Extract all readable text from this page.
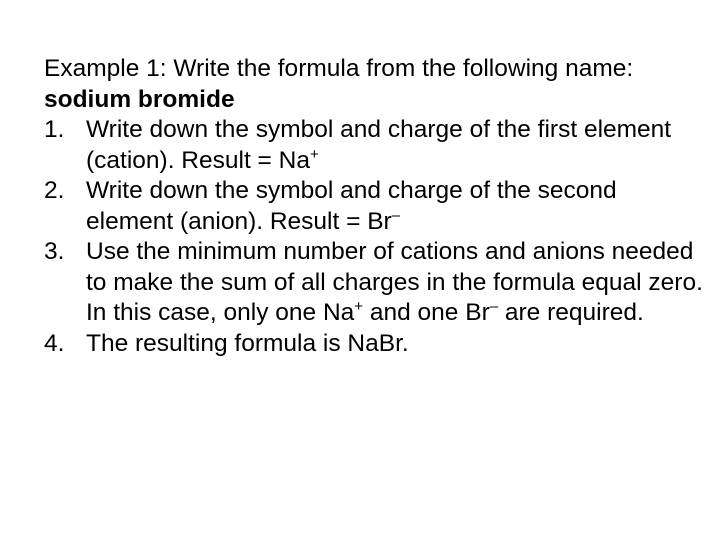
Example 1: Write the formula from the following name: sodium bromide

1. Write down the symbol and charge of the first element (cation). Result = Na+
2. Write down the symbol and charge of the second element (anion). Result = Br–
3. Use the minimum number of cations and anions needed to make the sum of all charges in the formula equal zero. In this case, only one Na+ and one Br– are required.
4. The resulting formula is NaBr.
